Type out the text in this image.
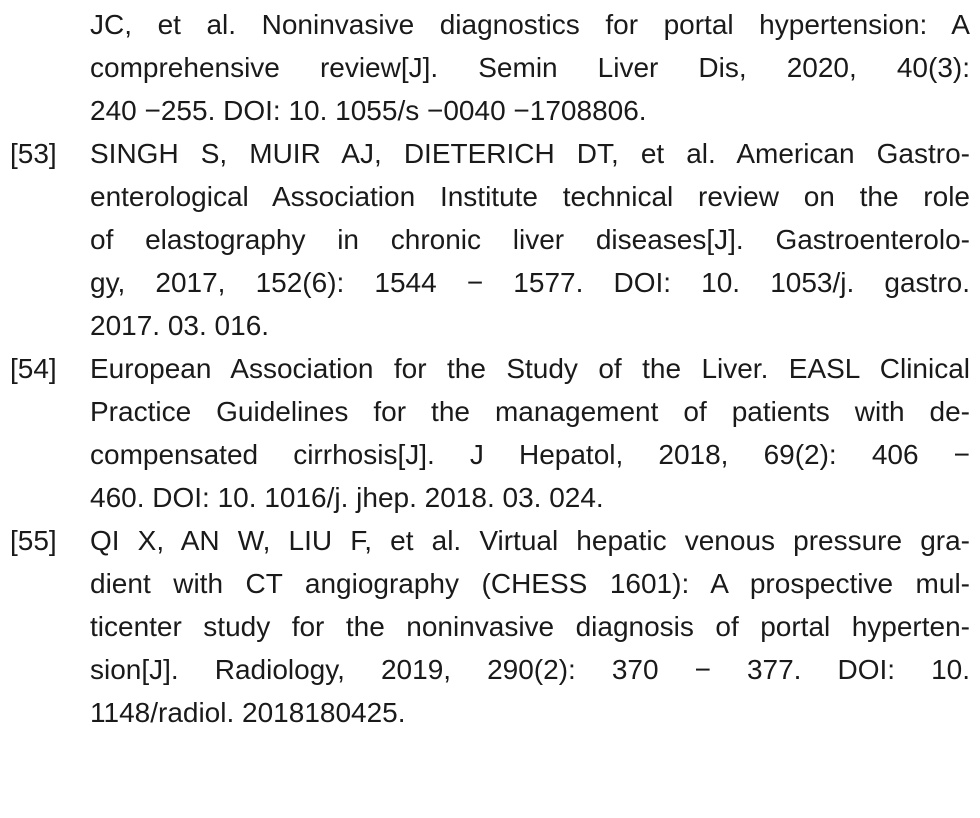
JC, et al. Noninvasive diagnostics for portal hypertension: A

comprehensive review[J]. Semin Liver Dis, 2020, 40(3):

240 −255. DOI: 10. 1055/s −0040 −1708806.

[53]

SINGH S, MUIR AJ, DIETERICH DT, et al. American Gastro-

enterological Association Institute technical review on the role

of elastography in chronic liver diseases[J]. Gastroenterolo-

gy, 2017, 152(6): 1544 − 1577. DOI: 10. 1053/j. gastro.

2017. 03. 016.

[54]

European Association for the Study of the Liver. EASL Clinical

Practice Guidelines for the management of patients with de-

compensated cirrhosis[J]. J Hepatol, 2018, 69(2): 406 −

460. DOI: 10. 1016/j. jhep. 2018. 03. 024.

[55]

QI X, AN W, LIU F, et al. Virtual hepatic venous pressure gra-

dient with CT angiography (CHESS 1601): A prospective mul-

ticenter study for the noninvasive diagnosis of portal hyperten-

sion[J]. Radiology, 2019, 290(2): 370 − 377. DOI: 10.

1148/radiol. 2018180425.
